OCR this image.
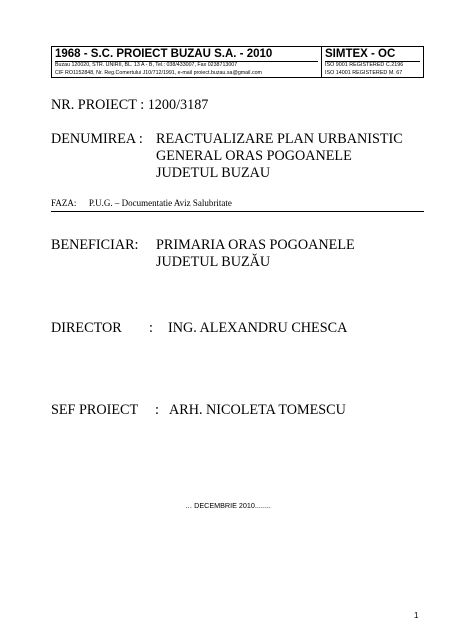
1968 - S.C. PROIECT BUZAU S.A. - 2010
Buzau 120020, STR. UNIRII, BL. 13 A - B, Tel.: 038/433007, Fax 0238713007
CIF RO1152848, Nr. Reg.Comertului J10/712/1991, e-mail proiect.buzau.sa@gmail.com
SIMTEX - OC
ISO 9001 REGISTERED C.2196
ISO 14001 REGISTERED M. 67
NR. PROIECT : 1200/3187
DENUMIREA : REACTUALIZARE PLAN URBANISTIC
GENERAL ORAS POGOANELE
JUDETUL BUZAU
FAZA: P.U.G. – Documentatie Aviz Salubritate
BENEFICIAR: PRIMARIA ORAS POGOANELE
JUDETUL BUZĂU
DIRECTOR : ING. ALEXANDRU CHESCA
SEF PROIECT : ARH. NICOLETA TOMESCU
… DECEMBRIE 2010........
1
